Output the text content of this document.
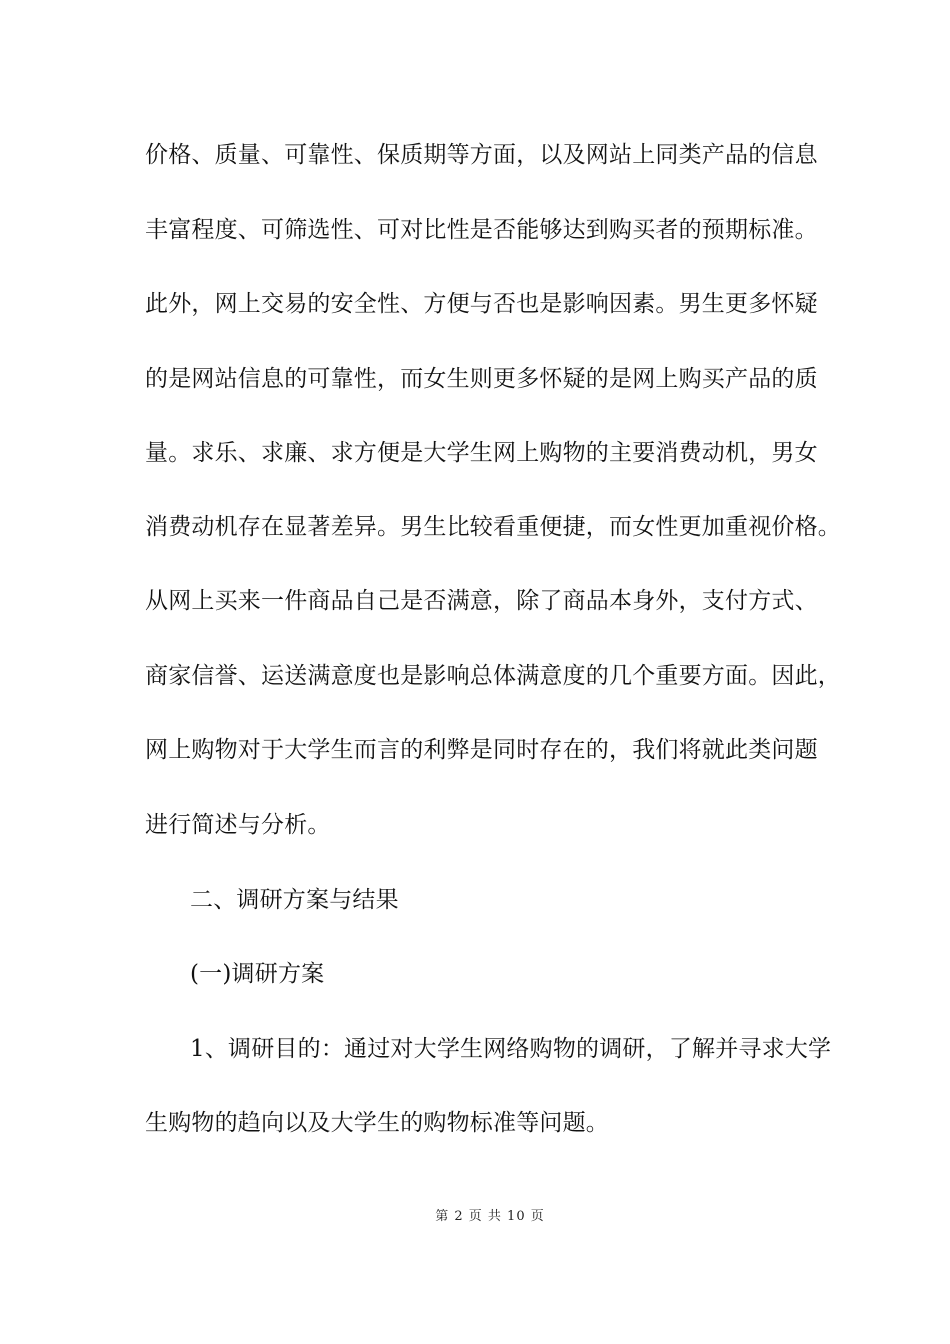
价格、质量、可靠性、保质期等方面，以及网站上同类产品的信息
丰富程度、可筛选性、可对比性是否能够达到购买者的预期标准。
此外，网上交易的安全性、方便与否也是影响因素。男生更多怀疑
的是网站信息的可靠性，而女生则更多怀疑的是网上购买产品的质
量。求乐、求廉、求方便是大学生网上购物的主要消费动机，男女
消费动机存在显著差异。男生比较看重便捷，而女性更加重视价格。
从网上买来一件商品自己是否满意，除了商品本身外，支付方式、
商家信誉、运送满意度也是影响总体满意度的几个重要方面。因此，
网上购物对于大学生而言的利弊是同时存在的，我们将就此类问题
进行简述与分析。
二、调研方案与结果
(一)调研方案
1、调研目的：通过对大学生网络购物的调研，了解并寻求大学
生购物的趋向以及大学生的购物标准等问题。
第 2 页 共 10 页
